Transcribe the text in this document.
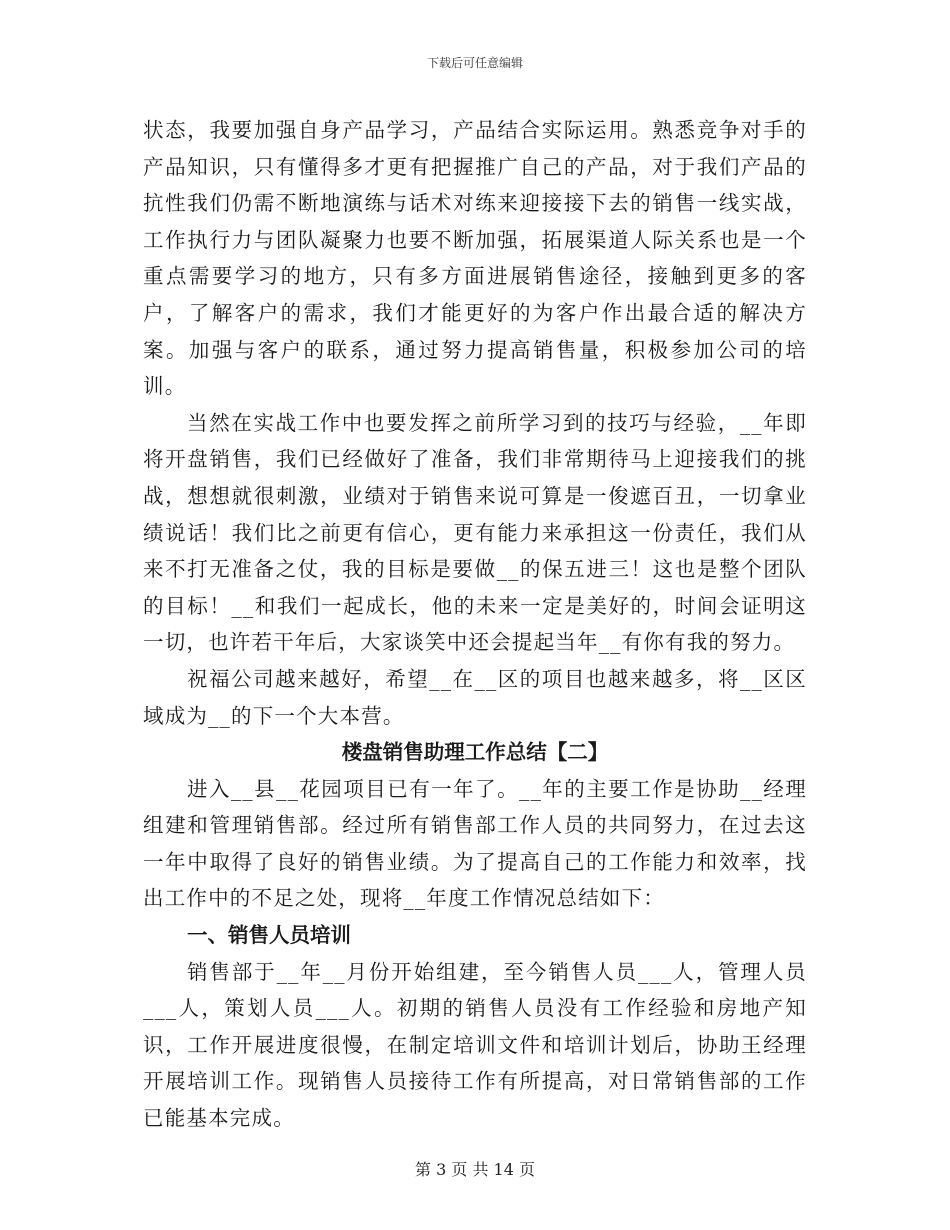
下载后可任意编辑

状态，我要加强自身产品学习，产品结合实际运用。熟悉竞争对手的产品知识，只有懂得多才更有把握推广自己的产品，对于我们产品的抗性我们仍需不断地演练与话术对练来迎接接下去的销售一线实战，工作执行力与团队凝聚力也要不断加强，拓展渠道人际关系也是一个重点需要学习的地方，只有多方面进展销售途径，接触到更多的客户，了解客户的需求，我们才能更好的为客户作出最合适的解决方案。加强与客户的联系，通过努力提高销售量，积极参加公司的培训。

当然在实战工作中也要发挥之前所学习到的技巧与经验，__年即将开盘销售，我们已经做好了准备，我们非常期待马上迎接我们的挑战，想想就很刺激，业绩对于销售来说可算是一俊遮百丑，一切拿业绩说话！我们比之前更有信心，更有能力来承担这一份责任，我们从来不打无准备之仗，我的目标是要做__的保五进三！这也是整个团队的目标！__和我们一起成长，他的未来一定是美好的，时间会证明这一切，也许若干年后，大家谈笑中还会提起当年__有你有我的努力。

祝福公司越来越好，希望__在__区的项目也越来越多，将__区区域成为__的下一个大本营。

楼盘销售助理工作总结【二】

进入__县__花园项目已有一年了。__年的主要工作是协助__经理组建和管理销售部。经过所有销售部工作人员的共同努力，在过去这一年中取得了良好的销售业绩。为了提高自己的工作能力和效率，找出工作中的不足之处，现将__年度工作情况总结如下：

一、销售人员培训

销售部于__年__月份开始组建，至今销售人员___人，管理人员___人，策划人员___人。初期的销售人员没有工作经验和房地产知识，工作开展进度很慢，在制定培训文件和培训计划后，协助王经理开展培训工作。现销售人员接待工作有所提高，对日常销售部的工作已能基本完成。

第 3 页 共 14 页
